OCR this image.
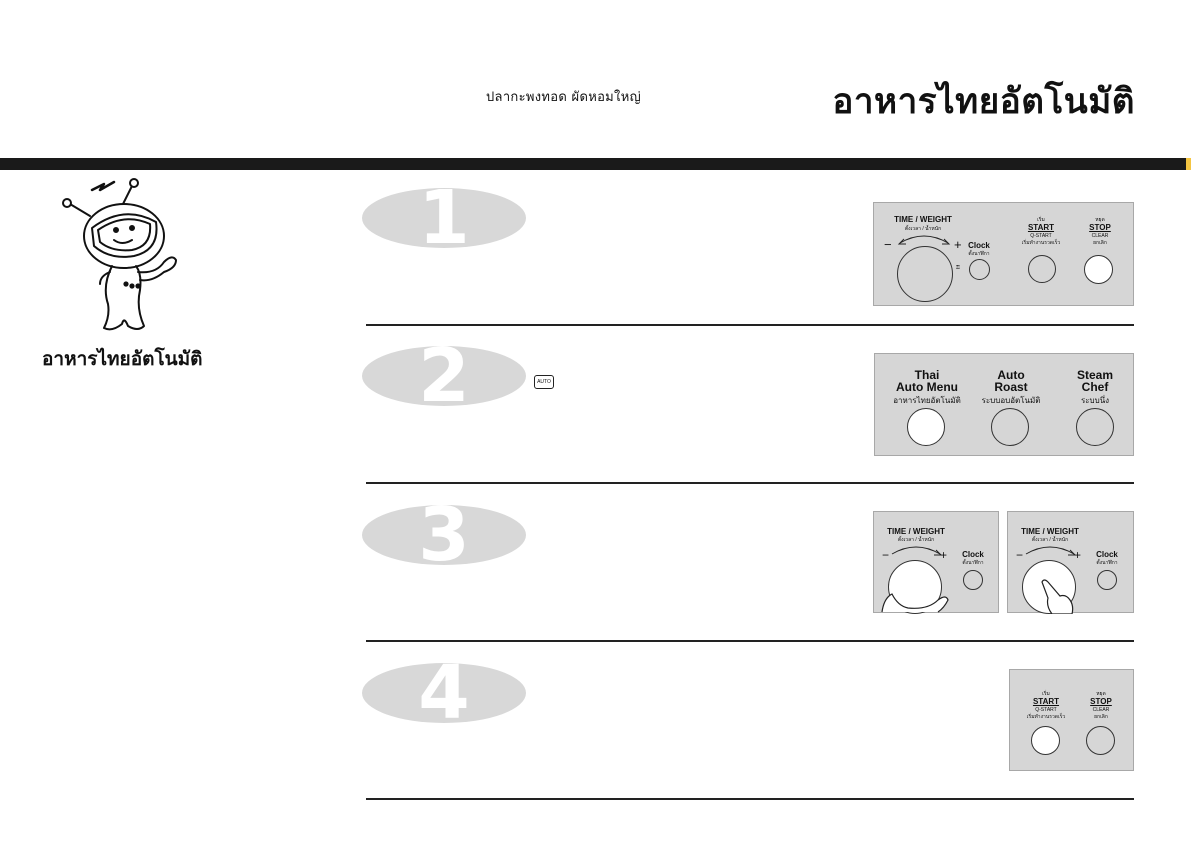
ปลากะพงทอด ผัดหอมใหญ่	อาหารไทยอัตโนมัติ
อาหารไทยอัตโนมัติ
1
2
3
4
AUTO
TIME / WEIGHT
ตั้งเวลา / น้ำหนัก
−	+ Clock
ตั้งนาฬิกา
⚿
เริ่ม
START
Q-START
เริ่มทำงานรวดเร็ว
หยุด
STOP
CLEAR
ยกเลิก
Thai
Auto Menu
อาหารไทยอัตโนมัติ
Auto
Roast
ระบบอบอัตโนมัติ
Steam
Chef
ระบบนึ่ง
TIME / WEIGHT
ตั้งเวลา / น้ำหนัก
−	+	Clock
ตั้งนาฬิกา
TIME / WEIGHT
ตั้งเวลา / น้ำหนัก
−	+	Clock
ตั้งนาฬิกา
เริ่ม
START
Q-START
เริ่มทำงานรวดเร็ว
หยุด
STOP
CLEAR
ยกเลิก
